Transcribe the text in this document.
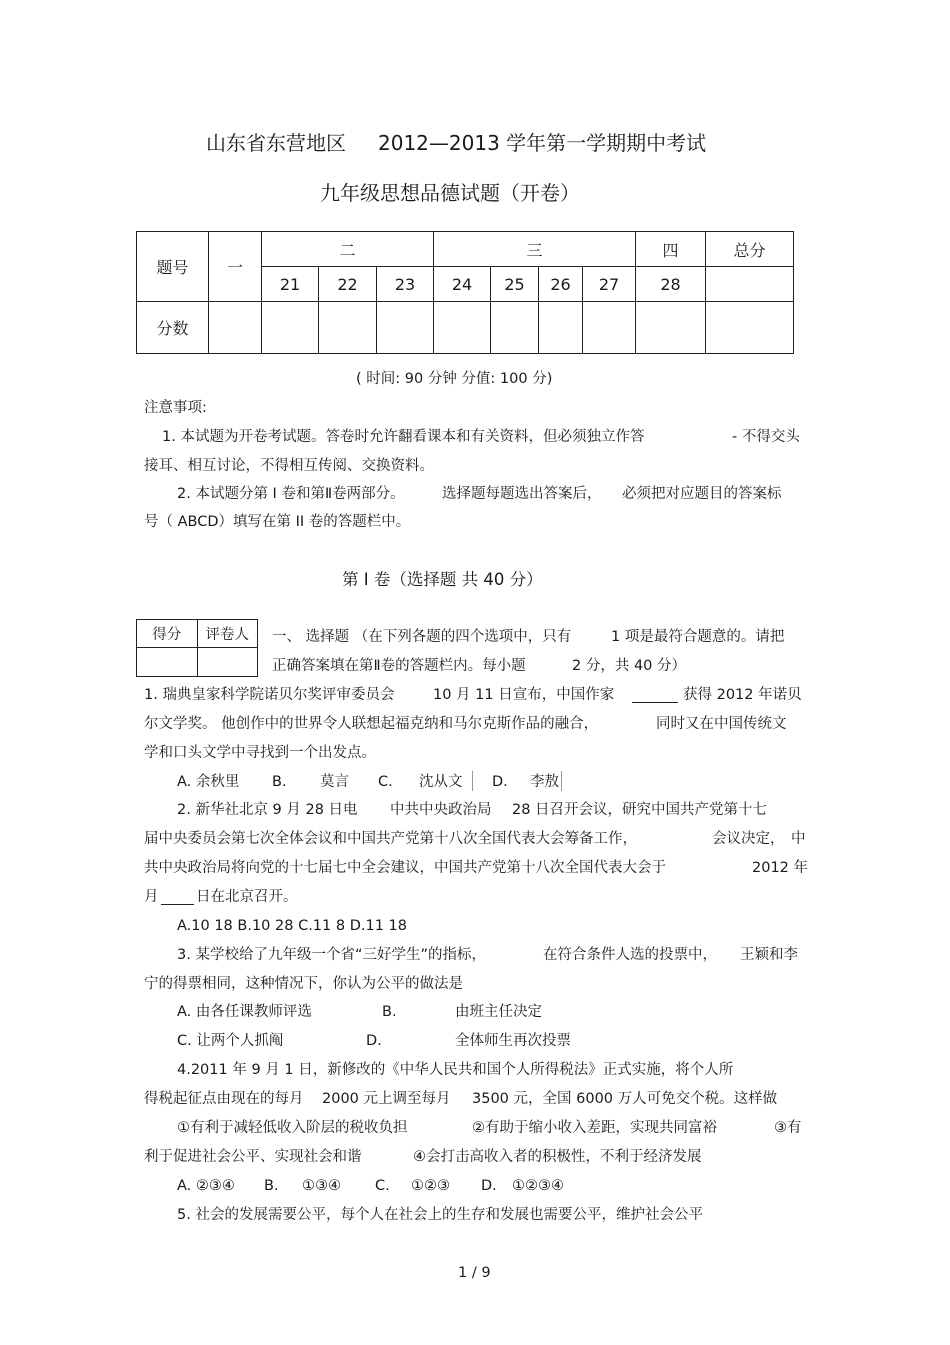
山东省东营地区 2012—2013 学年第一学期期中考试
九年级思想品德试题（开卷）
题号	一	二			三				四	总分
		21	22	23	24	25	26	27	28	
分数										
( 时间: 90 分钟 分值: 100 分)
注意事项:
1. 本试题为开卷考试题。答卷时允许翻看课本和有关资料，但必须独立作答	- 不得交头
接耳、相互讨论，不得相互传阅、交换资料。
2. 本试题分第 I 卷和第Ⅱ卷两部分。	选择题每题选出答案后， 必须把对应题目的答案标
号（ ABCD）填写在第 II 卷的答题栏中。
第 I 卷（选择题 共 40 分）
得分	评卷人
	一、 选择题 （在下列各题的四个选项中，只有	1 项是最符合题意的。请把
正确答案填在第Ⅱ卷的答题栏内。每小题	2 分，共 40 分）
1. 瑞典皇家科学院诺贝尔奖评审委员会	10 月 11 日宣布，中国作家	获得 2012 年诺贝
尔文学奖。 他创作中的世界令人联想起福克纳和马尔克斯作品的融合，	同时又在中国传统文
学和口头文学中寻找到一个出发点。
A. 余秋里 B. 莫言 C. 沈从文 D. 李敖
2. 新华社北京 9 月 28 日电 中共中央政治局 28 日召开会议，研究中国共产党第十七
届中央委员会第七次全体会议和中国共产党第十八次全国代表大会筹备工作，	会议决定， 中
共中央政治局将向党的十七届七中全会建议，中国共产党第十八次全国代表大会于	2012 年
月	日在北京召开。
A.10 18 B.10 28 C.11 8 D.11 18
3. 某学校给了九年级一个省“三好学生”的指标，	在符合条件人选的投票中， 王颖和李
宁的得票相同，这种情况下，你认为公平的做法是
A. 由各任课教师评选	B.	由班主任决定
C. 让两个人抓阄	D.	全体师生再次投票
4.2011 年 9 月 1 日，新修改的《中华人民共和国个人所得税法》正式实施，将个人所
得税起征点由现在的每月 2000 元上调至每月 3500 元，全国 6000 万人可免交个税。这样做
①有利于减轻低收入阶层的税收负担	②有助于缩小收入差距，实现共同富裕	③有
利于促进社会公平、实现社会和谐	④会打击高收入者的积极性，不利于经济发展
A. ②③④ B. ①③④ C. ①②③ D. ①②③④
5. 社会的发展需要公平，每个人在社会上的生存和发展也需要公平，维护社会公平
1 / 9
